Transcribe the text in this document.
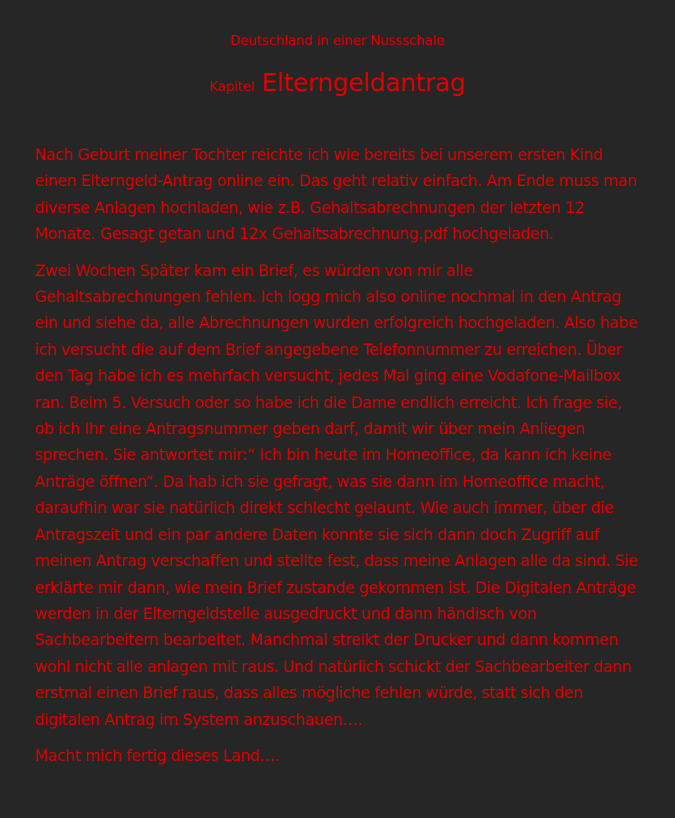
Deutschland in einer Nussschale
Kapitel Elterngeldantrag

Nach Geburt meiner Tochter reichte ich wie bereits bei unserem ersten Kind einen Elterngeld-Antrag online ein. Das geht relativ einfach. Am Ende muss man diverse Anlagen hochladen, wie z.B. Gehaltsabrechnungen der letzten 12 Monate. Gesagt getan und 12x Gehaltsabrechnung.pdf hochgeladen.

Zwei Wochen Später kam ein Brief, es würden von mir alle Gehaltsabrechnungen fehlen. Ich logg mich also online nochmal in den Antrag ein und siehe da, alle Abrechnungen wurden erfolgreich hochgeladen. Also habe ich versucht die auf dem Brief angegebene Telefonnummer zu erreichen. Über den Tag habe ich es mehrfach versucht, jedes Mal ging eine Vodafone-Mailbox ran. Beim 5. Versuch oder so habe ich die Dame endlich erreicht. Ich frage sie, ob ich Ihr eine Antragsnummer geben darf, damit wir über mein Anliegen sprechen. Sie antwortet mir:“ Ich bin heute im Homeoffice, da kann ich keine Anträge öffnen“. Da hab ich sie gefragt, was sie dann im Homeoffice macht, daraufhin war sie natürlich direkt schlecht gelaunt. Wie auch immer, über die Antragszeit und ein par andere Daten konnte sie sich dann doch Zugriff auf meinen Antrag verschaffen und stellte fest, dass meine Anlagen alle da sind. Sie erklärte mir dann, wie mein Brief zustande gekommen ist. Die Digitalen Anträge werden in der Elterngeldstelle ausgedruckt und dann händisch von Sachbearbeitern bearbeitet. Manchmal streikt der Drucker und dann kommen wohl nicht alle anlagen mit raus. Und natürlich schickt der Sachbearbeiter dann erstmal einen Brief raus, dass alles mögliche fehlen würde, statt sich den digitalen Antrag im System anzuschauen….

Macht mich fertig dieses Land….
